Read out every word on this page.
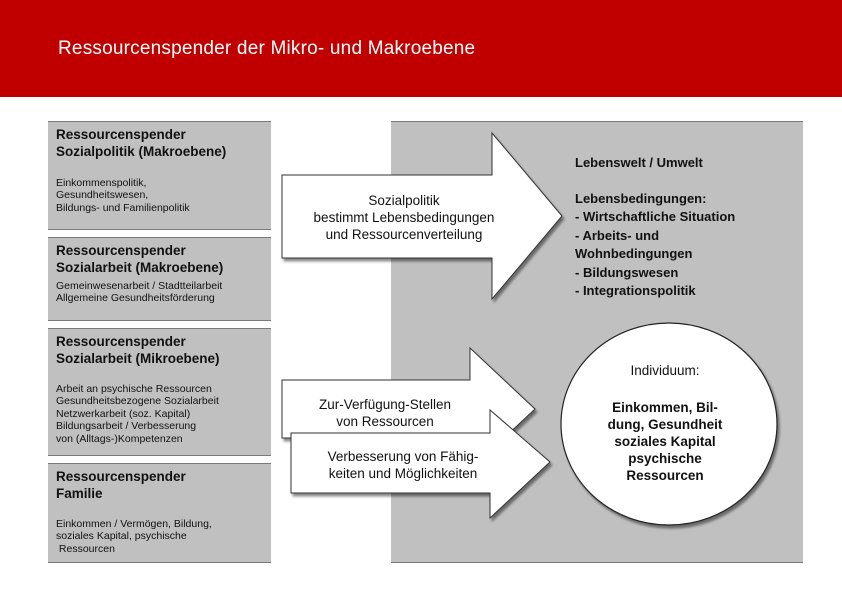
Ressourcenspender der Mikro- und Makroebene
Ressourcenspender
Sozialpolitik (Makroebene)
Einkommenspolitik,
Gesundheitswesen,
Bildungs- und Familienpolitik
Ressourcenspender
Sozialarbeit (Makroebene)
Gemeinwesenarbeit / Stadtteilarbeit
Allgemeine Gesundheitsförderung
Ressourcenspender
Sozialarbeit (Mikroebene)
Arbeit an psychische Ressourcen
Gesundheitsbezogene Sozialarbeit
Netzwerkarbeit (soz. Kapital)
Bildungsarbeit / Verbesserung
von (Alltags-)Kompetenzen
Ressourcenspender
Familie
Einkommen / Vermögen, Bildung,
soziales Kapital, psychische
Ressourcen
Sozialpolitik
bestimmt Lebensbedingungen
und Ressourcenverteilung
Zur-Verfügung-Stellen
von Ressourcen
Verbesserung von Fähig-
keiten und Möglichkeiten
Lebenswelt / Umwelt
Lebensbedingungen:
- Wirtschaftliche Situation
- Arbeits- und
Wohnbedingungen
- Bildungswesen
- Integrationspolitik
Individuum:
Einkommen, Bil-
dung, Gesundheit
soziales Kapital
psychische
Ressourcen
